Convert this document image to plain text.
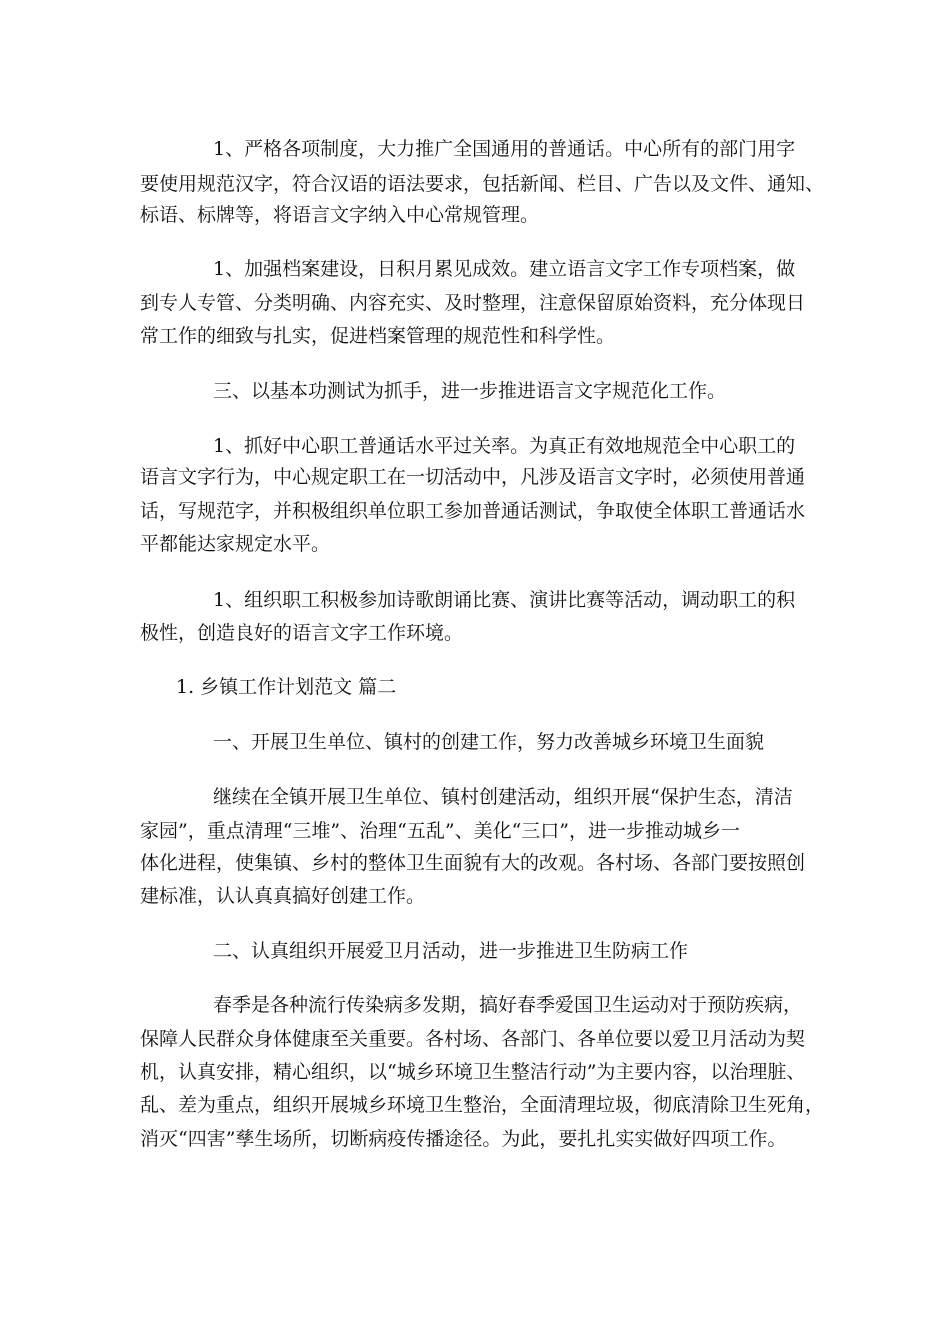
1、严格各项制度，大力推广全国通用的普通话。中心所有的部门用字
要使用规范汉字，符合汉语的语法要求，包括新闻、栏目、广告以及文件、通知、
标语、标牌等，将语言文字纳入中心常规管理。
1、加强档案建设，日积月累见成效。建立语言文字工作专项档案，做
到专人专管、分类明确、内容充实、及时整理，注意保留原始资料，充分体现日
常工作的细致与扎实，促进档案管理的规范性和科学性。
三、以基本功测试为抓手，进一步推进语言文字规范化工作。
1、抓好中心职工普通话水平过关率。为真正有效地规范全中心职工的
语言文字行为，中心规定职工在一切活动中，凡涉及语言文字时，必须使用普通
话，写规范字，并积极组织单位职工参加普通话测试，争取使全体职工普通话水
平都能达家规定水平。
1、组织职工积极参加诗歌朗诵比赛、演讲比赛等活动，调动职工的积
极性，创造良好的语言文字工作环境。
1. 乡镇工作计划范文 篇二
一、开展卫生单位、镇村的创建工作，努力改善城乡环境卫生面貌
继续在全镇开展卫生单位、镇村创建活动，组织开展“保护生态，清洁
家园”，重点清理“三堆”、治理“五乱”、美化“三口”，进一步推动城乡一
体化进程，使集镇、乡村的整体卫生面貌有大的改观。各村场、各部门要按照创
建标准，认认真真搞好创建工作。
二、认真组织开展爱卫月活动，进一步推进卫生防病工作
春季是各种流行传染病多发期，搞好春季爱国卫生运动对于预防疾病，
保障人民群众身体健康至关重要。各村场、各部门、各单位要以爱卫月活动为契
机，认真安排，精心组织，以“城乡环境卫生整洁行动”为主要内容，以治理脏、
乱、差为重点，组织开展城乡环境卫生整治，全面清理垃圾，彻底清除卫生死角，
消灭“四害”孳生场所，切断病疫传播途径。为此，要扎扎实实做好四项工作。
